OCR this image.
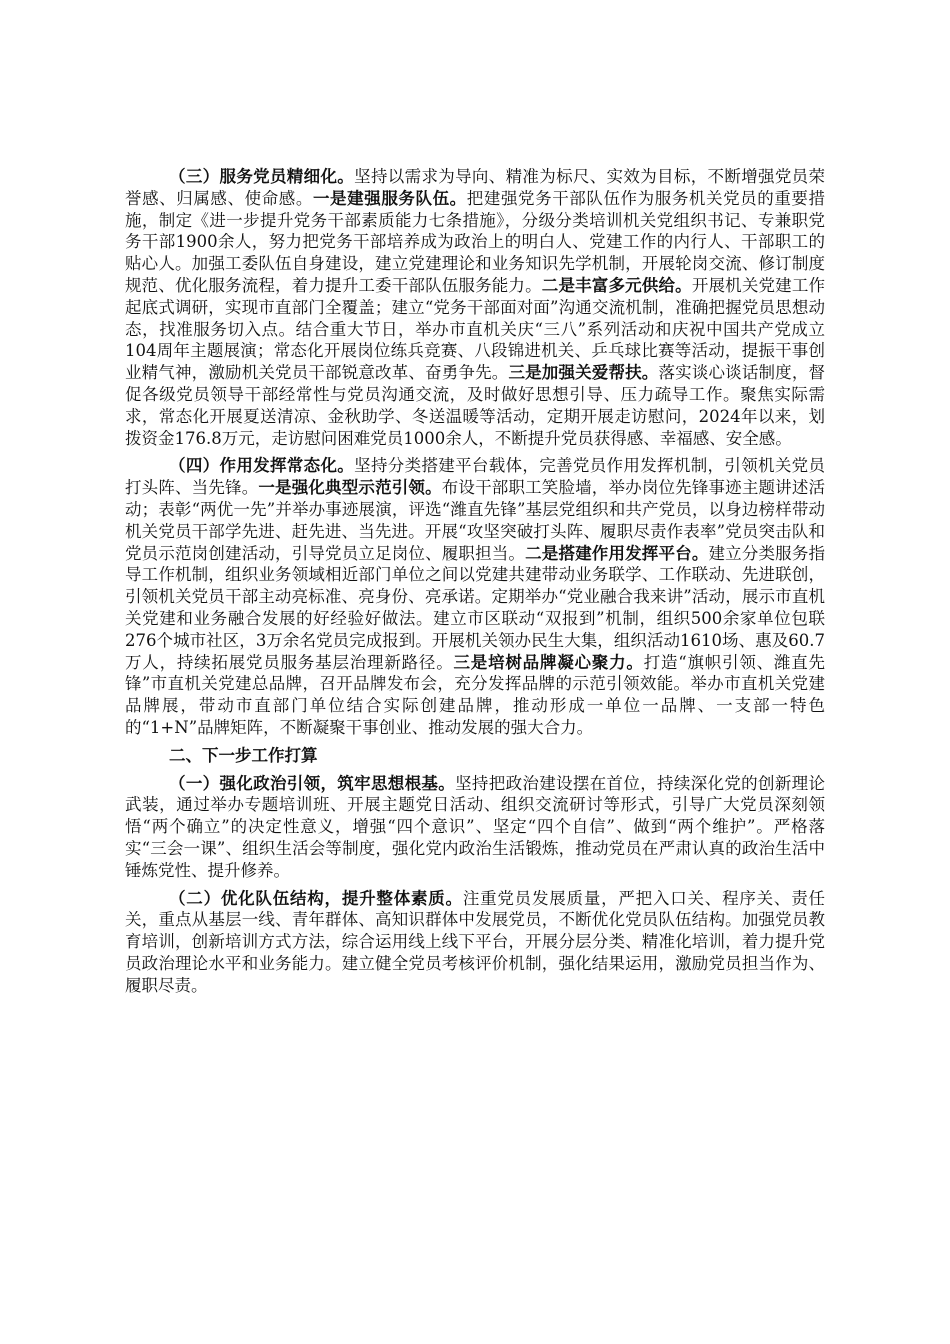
（三）服务党员精细化。坚持以需求为导向、精准为标尺、实效为目标，不断增强党员荣誉感、归属感、使命感。一是建强服务队伍。把建强党务干部队伍作为服务机关党员的重要措施，制定《进一步提升党务干部素质能力七条措施》，分级分类培训机关党组织书记、专兼职党务干部1900余人，努力把党务干部培养成为政治上的明白人、党建工作的内行人、干部职工的贴心人。加强工委队伍自身建设，建立党建理论和业务知识先学机制，开展轮岗交流、修订制度规范、优化服务流程，着力提升工委干部队伍服务能力。二是丰富多元供给。开展机关党建工作起底式调研，实现市直部门全覆盖；建立“党务干部面对面”沟通交流机制，准确把握党员思想动态，找准服务切入点。结合重大节日，举办市直机关庆“三八”系列活动和庆祝中国共产党成立104周年主题展演；常态化开展岗位练兵竞赛、八段锦进机关、乒乓球比赛等活动，提振干事创业精气神，激励机关党员干部锐意改革、奋勇争先。三是加强关爱帮扶。落实谈心谈话制度，督促各级党员领导干部经常性与党员沟通交流，及时做好思想引导、压力疏导工作。聚焦实际需求，常态化开展夏送清凉、金秋助学、冬送温暖等活动，定期开展走访慰问，2024年以来，划拨资金176.8万元，走访慰问困难党员1000余人，不断提升党员获得感、幸福感、安全感。

（四）作用发挥常态化。坚持分类搭建平台载体，完善党员作用发挥机制，引领机关党员打头阵、当先锋。一是强化典型示范引领。布设干部职工笑脸墙，举办岗位先锋事迹主题讲述活动；表彰“两优一先”并举办事迹展演，评选“潍直先锋”基层党组织和共产党员，以身边榜样带动机关党员干部学先进、赶先进、当先进。开展“攻坚突破打头阵、履职尽责作表率”党员突击队和党员示范岗创建活动，引导党员立足岗位、履职担当。二是搭建作用发挥平台。建立分类服务指导工作机制，组织业务领域相近部门单位之间以党建共建带动业务联学、工作联动、先进联创，引领机关党员干部主动亮标准、亮身份、亮承诺。定期举办“党业融合我来讲”活动，展示市直机关党建和业务融合发展的好经验好做法。建立市区联动“双报到”机制，组织500余家单位包联276个城市社区，3万余名党员完成报到。开展机关领办民生大集，组织活动1610场、惠及60.7万人，持续拓展党员服务基层治理新路径。三是培树品牌凝心聚力。打造“旗帜引领、潍直先锋”市直机关党建总品牌，召开品牌发布会，充分发挥品牌的示范引领效能。举办市直机关党建品牌展，带动市直部门单位结合实际创建品牌，推动形成一单位一品牌、一支部一特色的“1+N”品牌矩阵，不断凝聚干事创业、推动发展的强大合力。

二、下一步工作打算

（一）强化政治引领，筑牢思想根基。坚持把政治建设摆在首位，持续深化党的创新理论武装，通过举办专题培训班、开展主题党日活动、组织交流研讨等形式，引导广大党员深刻领悟“两个确立”的决定性意义，增强“四个意识”、坚定“四个自信”、做到“两个维护”。严格落实“三会一课”、组织生活会等制度，强化党内政治生活锻炼，推动党员在严肃认真的政治生活中锤炼党性、提升修养。

（二）优化队伍结构，提升整体素质。注重党员发展质量，严把入口关、程序关、责任关，重点从基层一线、青年群体、高知识群体中发展党员，不断优化党员队伍结构。加强党员教育培训，创新培训方式方法，综合运用线上线下平台，开展分层分类、精准化培训，着力提升党员政治理论水平和业务能力。建立健全党员考核评价机制，强化结果运用，激励党员担当作为、履职尽责。
